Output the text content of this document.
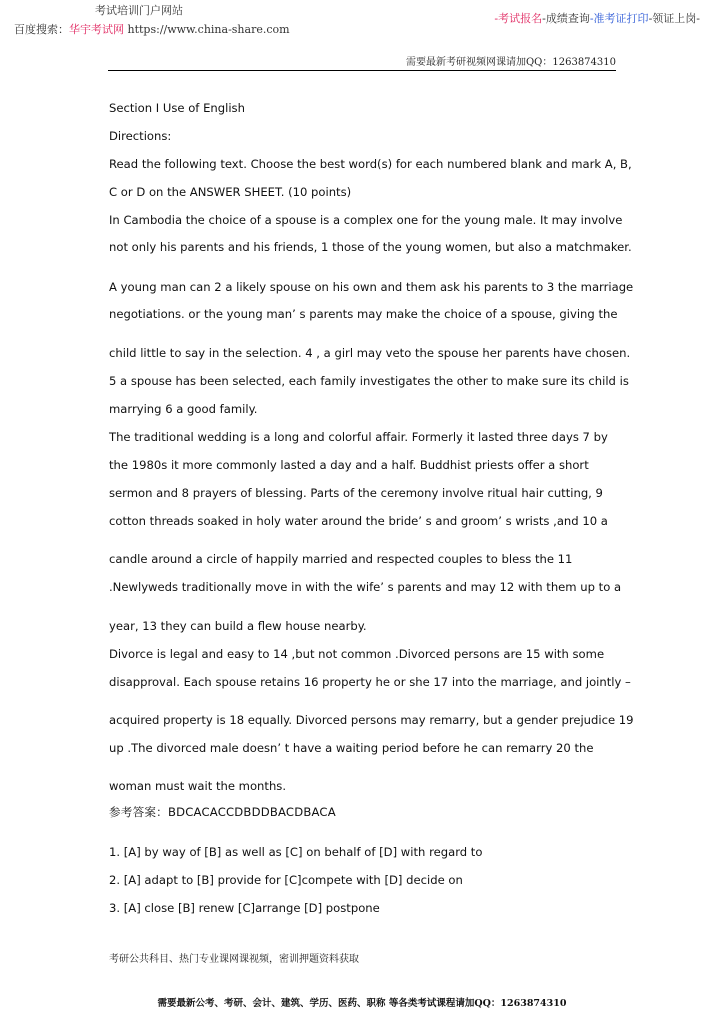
考试培训门户网站
百度搜索：华宇考试网 https://www.china-share.com
-考试报名-成绩查询-准考证打印-领证上岗-
需要最新考研视频网课请加QQ：1263874310
Section I Use of English
Directions:
Read the following text. Choose the best word(s) for each numbered blank and mark A, B,
C or D on the ANSWER SHEET. (10 points)
In Cambodia the choice of a spouse is a complex one for the young male. It may involve
not only his parents and his friends, 1 those of the young women, but also a matchmaker.
A young man can 2 a likely spouse on his own and them ask his parents to 3 the marriage
negotiations. or the young man’ s parents may make the choice of a spouse, giving the
child little to say in the selection. 4 , a girl may veto the spouse her parents have chosen.
5 a spouse has been selected, each family investigates the other to make sure its child is
marrying 6 a good family.
The traditional wedding is a long and colorful affair. Formerly it lasted three days 7 by
the 1980s it more commonly lasted a day and a half. Buddhist priests offer a short
sermon and 8 prayers of blessing. Parts of the ceremony involve ritual hair cutting, 9
cotton threads soaked in holy water around the bride’ s and groom’ s wrists ,and 10 a
candle around a circle of happily married and respected couples to bless the 11
.Newlyweds traditionally move in with the wife’ s parents and may 12 with them up to a
year, 13 they can build a flew house nearby.
Divorce is legal and easy to 14 ,but not common .Divorced persons are 15 with some
disapproval. Each spouse retains 16 property he or she 17 into the marriage, and jointly –
acquired property is 18 equally. Divorced persons may remarry, but a gender prejudice 19
up .The divorced male doesn’ t have a waiting period before he can remarry 20 the
woman must wait the months.
参考答案：BDCACACCDBDDBACDBACA
1. [A] by way of [B] as well as [C] on behalf of [D] with regard to
2. [A] adapt to [B] provide for [C]compete with [D] decide on
3. [A] close [B] renew [C]arrange [D] postpone
考研公共科目、热门专业课网课视频，密训押题资料获取
需要最新公考、考研、会计、建筑、学历、医药、职称 等各类考试课程请加QQ：1263874310
